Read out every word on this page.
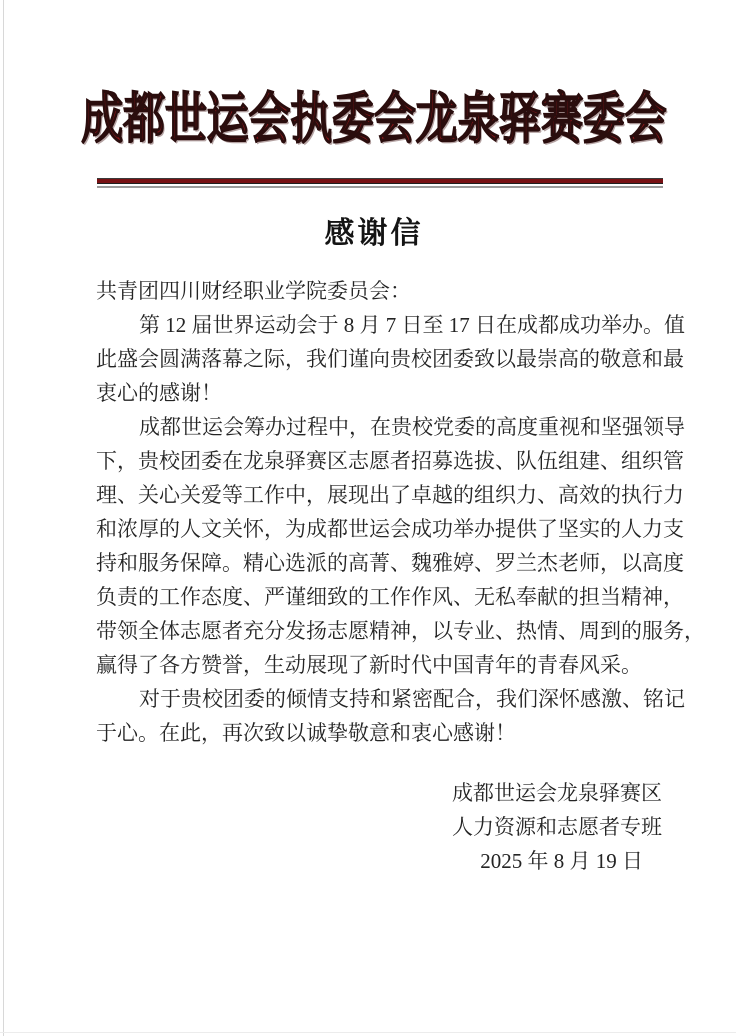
成都世运会执委会龙泉驿赛委会
感谢信
共青团四川财经职业学院委员会：
第 12 届世界运动会于 8 月 7 日至 17 日在成都成功举办。值
此盛会圆满落幕之际，我们谨向贵校团委致以最崇高的敬意和最
衷心的感谢！
成都世运会筹办过程中，在贵校党委的高度重视和坚强领导
下，贵校团委在龙泉驿赛区志愿者招募选拔、队伍组建、组织管
理、关心关爱等工作中，展现出了卓越的组织力、高效的执行力
和浓厚的人文关怀，为成都世运会成功举办提供了坚实的人力支
持和服务保障。精心选派的高菁、魏雅婷、罗兰杰老师，以高度
负责的工作态度、严谨细致的工作作风、无私奉献的担当精神，
带领全体志愿者充分发扬志愿精神，以专业、热情、周到的服务，
赢得了各方赞誉，生动展现了新时代中国青年的青春风采。
对于贵校团委的倾情支持和紧密配合，我们深怀感激、铭记
于心。在此，再次致以诚挚敬意和衷心感谢！
成都世运会龙泉驿赛区
人力资源和志愿者专班
2025 年 8 月 19 日
